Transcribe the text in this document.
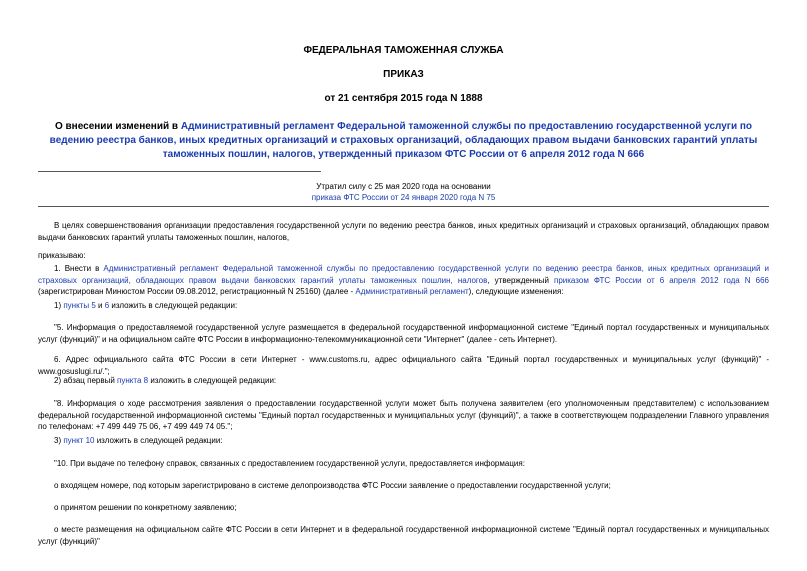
ФЕДЕРАЛЬНАЯ ТАМОЖЕННАЯ СЛУЖБА

ПРИКАЗ

от 21 сентября 2015 года N 1888

О внесении изменений в Административный регламент Федеральной таможенной службы по предоставлению государственной услуги по ведению реестра банков, иных кредитных организаций и страховых организаций, обладающих правом выдачи банковских гарантий уплаты таможенных пошлин, налогов, утвержденный приказом ФТС России от 6 апреля 2012 года N 666

Утратил силу с 25 мая 2020 года на основании
приказа ФТС России от 24 января 2020 года N 75

В целях совершенствования организации предоставления государственной услуги по ведению реестра банков, иных кредитных организаций и страховых организаций, обладающих правом выдачи банковских гарантий уплаты таможенных пошлин, налогов,

приказываю:

1. Внести в Административный регламент Федеральной таможенной службы по предоставлению государственной услуги по ведению реестра банков, иных кредитных организаций и страховых организаций, обладающих правом выдачи банковских гарантий уплаты таможенных пошлин, налогов, утвержденный приказом ФТС России от 6 апреля 2012 года N 666 (зарегистрирован Минюстом России 09.08.2012, регистрационный N 25160) (далее - Административный регламент), следующие изменения:

1) пункты 5 и 6 изложить в следующей редакции:

"5. Информация о предоставляемой государственной услуге размещается в федеральной государственной информационной системе "Единый портал государственных и муниципальных услуг (функций)" и на официальном сайте ФТС России в информационно-телекоммуникационной сети "Интернет" (далее - сеть Интернет).

6. Адрес официального сайта ФТС России в сети Интернет - www.customs.ru, адрес официального сайта "Единый портал государственных и муниципальных услуг (функций)" - www.gosuslugi.ru/.";

2) абзац первый пункта 8 изложить в следующей редакции:

"8. Информация о ходе рассмотрения заявления о предоставлении государственной услуги может быть получена заявителем (его уполномоченным представителем) с использованием федеральной государственной информационной системы "Единый портал государственных и муниципальных услуг (функций)", а также в соответствующем подразделении Главного управления по телефонам: +7 499 449 75 06, +7 499 449 74 05.";

3) пункт 10 изложить в следующей редакции:

"10. При выдаче по телефону справок, связанных с предоставлением государственной услуги, предоставляется информация:

о входящем номере, под которым зарегистрировано в системе делопроизводства ФТС России заявление о предоставлении государственной услуги;

о принятом решении по конкретному заявлению;

о месте размещения на официальном сайте ФТС России в сети Интернет и в федеральной государственной информационной системе "Единый портал государственных и муниципальных услуг (функций)"
